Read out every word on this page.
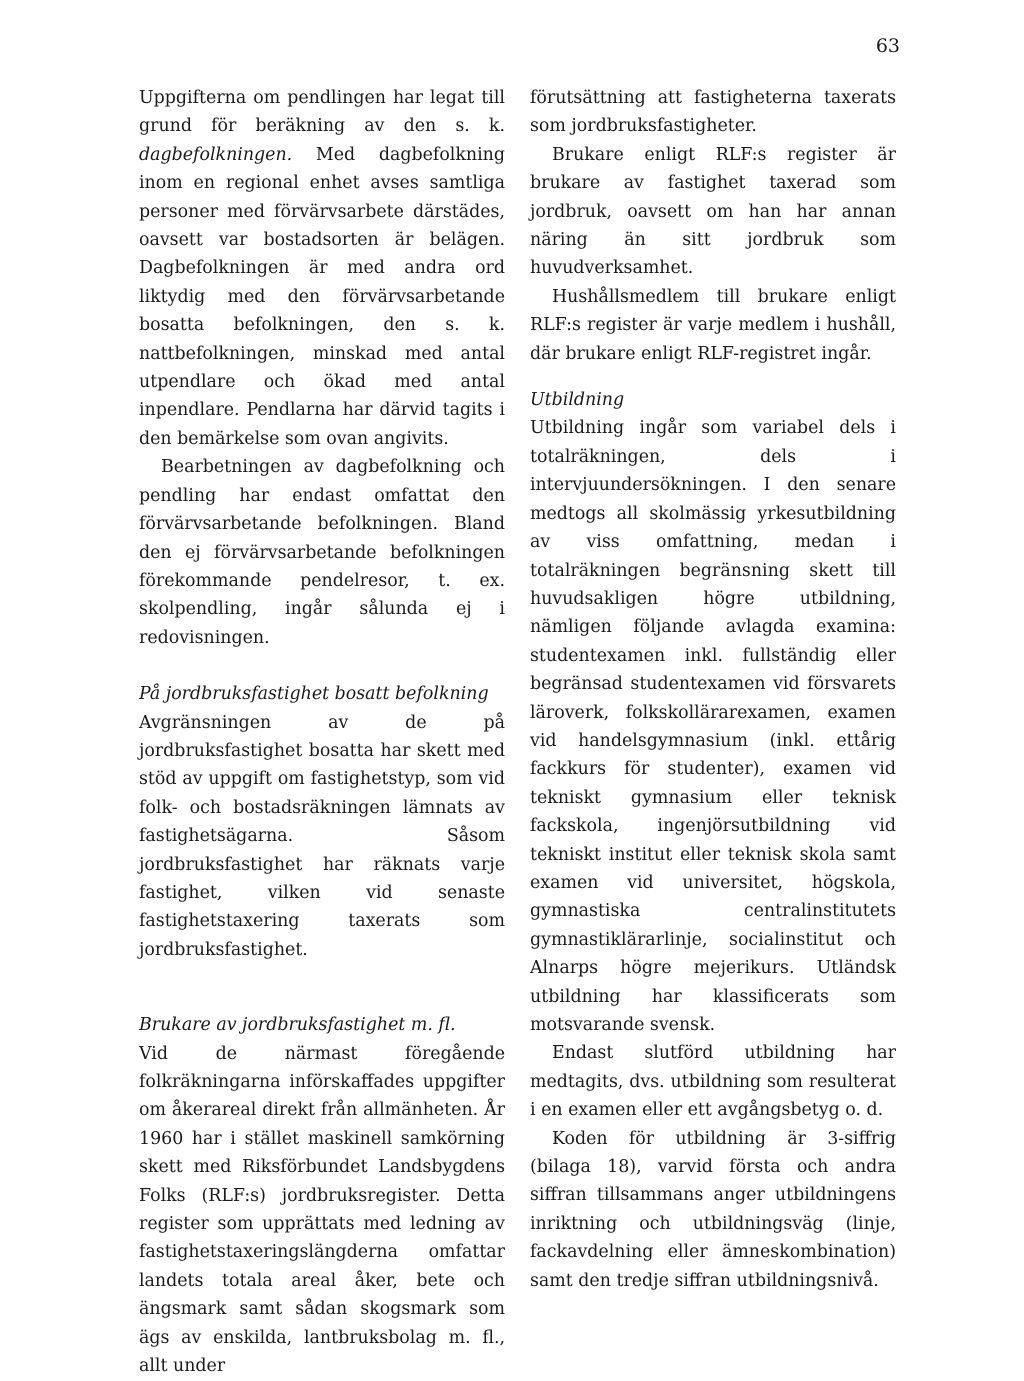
63

Uppgifterna om pendlingen har legat till grund för beräkning av den s. k. dagbefolkningen. Med dagbefolkning inom en regional enhet avses samtliga personer med förvärvsarbete därstädes, oavsett var bostadsorten är belägen. Dagbefolkningen är med andra ord liktydig med den förvärvsarbetande bosatta befolkningen, den s. k. nattbefolkningen, minskad med antal utpendlare och ökad med antal inpendlare. Pendlarna har därvid tagits i den bemärkelse som ovan angivits.

Bearbetningen av dagbefolkning och pendling har endast omfattat den förvärvsarbetande befolkningen. Bland den ej förvärvsarbetande befolkningen förekommande pendelresor, t. ex. skolpendling, ingår sålunda ej i redovisningen.

På jordbruksfastighet bosatt befolkning

Avgränsningen av de på jordbruksfastighet bosatta har skett med stöd av uppgift om fastighetstyp, som vid folk- och bostadsräkningen lämnats av fastighetsägarna. Såsom jordbruksfastighet har räknats varje fastighet, vilken vid senaste fastighetstaxering taxerats som jordbruksfastighet.

Brukare av jordbruksfastighet m. fl.

Vid de närmast föregående folkräkningarna införskaffades uppgifter om åkerareal direkt från allmänheten. År 1960 har i stället maskinell samkörning skett med Riksförbundet Landsbygdens Folks (RLF:s) jordbruksregister. Detta register som upprättats med ledning av fastighetstaxeringslängderna omfattar landets totala areal åker, bete och ängsmark samt sådan skogsmark som ägs av enskilda, lantbruksbolag m. fl., allt under

förutsättning att fastigheterna taxerats som jordbruksfastigheter.

Brukare enligt RLF:s register är brukare av fastighet taxerad som jordbruk, oavsett om han har annan näring än sitt jordbruk som huvudverksamhet.

Hushållsmedlem till brukare enligt RLF:s register är varje medlem i hushåll, där brukare enligt RLF-registret ingår.

Utbildning

Utbildning ingår som variabel dels i totalräkningen, dels i intervjuundersökningen. I den senare medtogs all skolmässig yrkesutbildning av viss omfattning, medan i totalräkningen begränsning skett till huvudsakligen högre utbildning, nämligen följande avlagda examina: studentexamen inkl. fullständig eller begränsad studentexamen vid försvarets läroverk, folkskollärarexamen, examen vid handelsgymnasium (inkl. ettårig fackkurs för studenter), examen vid tekniskt gymnasium eller teknisk fackskola, ingenjörsutbildning vid tekniskt institut eller teknisk skola samt examen vid universitet, högskola, gymnastiska centralinstitutets gymnastiklärarlinje, socialinstitut och Alnarps högre mejerikurs. Utländsk utbildning har klassificerats som motsvarande svensk.

Endast slutförd utbildning har medtagits, dvs. utbildning som resulterat i en examen eller ett avgångsbetyg o. d.

Koden för utbildning är 3-siffrig (bilaga 18), varvid första och andra siffran tillsammans anger utbildningens inriktning och utbildningsväg (linje, fackavdelning eller ämneskombination) samt den tredje siffran utbildningsnivå.
